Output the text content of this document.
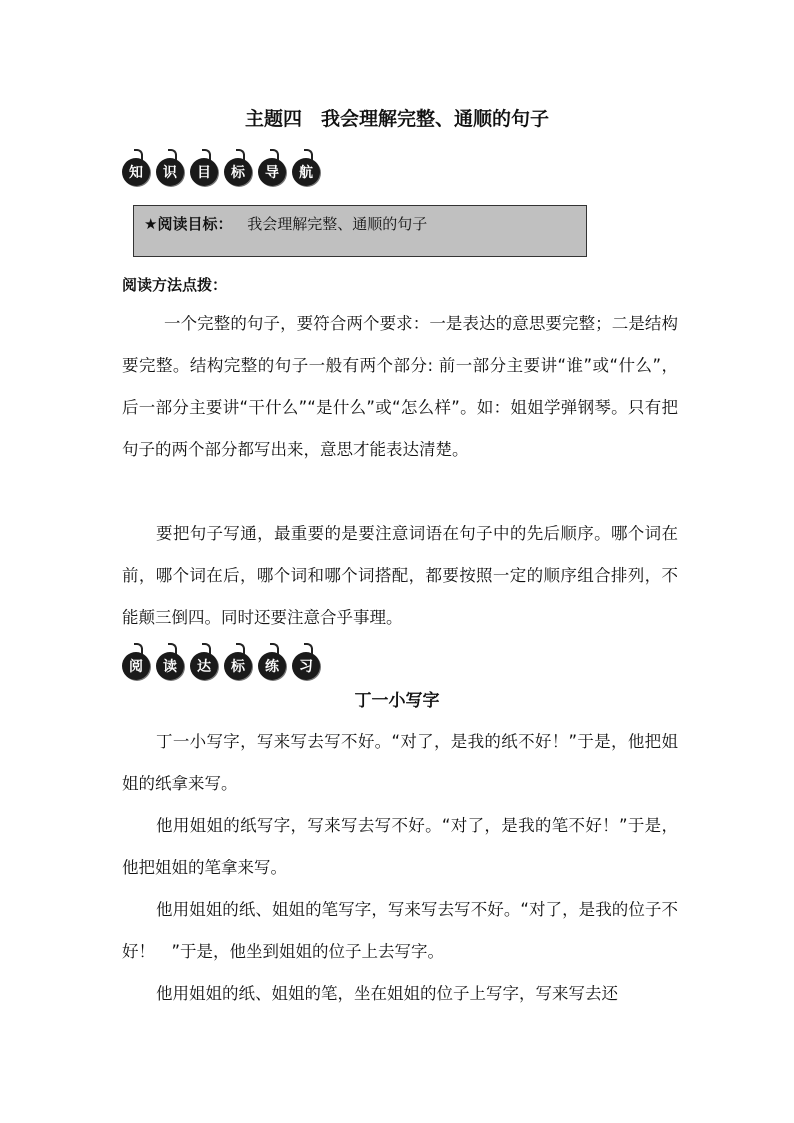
主题四　我会理解完整、通顺的句子
知	识	目	标	导	航
★阅读目标： 我会理解完整、通顺的句子
阅读方法点拨：

一个完整的句子，要符合两个要求：一是表达的意思要完整；二是结构要完整。结构完整的句子一般有两个部分: 前一部分主要讲“谁”或“什么”，后一部分主要讲“干什么”“是什么”或“怎么样”。如：姐姐学弹钢琴。只有把句子的两个部分都写出来，意思才能表达清楚。

要把句子写通，最重要的是要注意词语在句子中的先后顺序。哪个词在前，哪个词在后，哪个词和哪个词搭配，都要按照一定的顺序组合排列，不能颠三倒四。同时还要注意合乎事理。

阅	读	达	标	练	习
丁一小写字

丁一小写字，写来写去写不好。“对了，是我的纸不好！”于是，他把姐姐的纸拿来写。

他用姐姐的纸写字，写来写去写不好。“对了，是我的笔不好！”于是，他把姐姐的笔拿来写。

他用姐姐的纸、姐姐的笔写字，写来写去写不好。“对了，是我的位子不好！　”于是，他坐到姐姐的位子上去写字。

他用姐姐的纸、姐姐的笔，坐在姐姐的位子上写字，写来写去还
